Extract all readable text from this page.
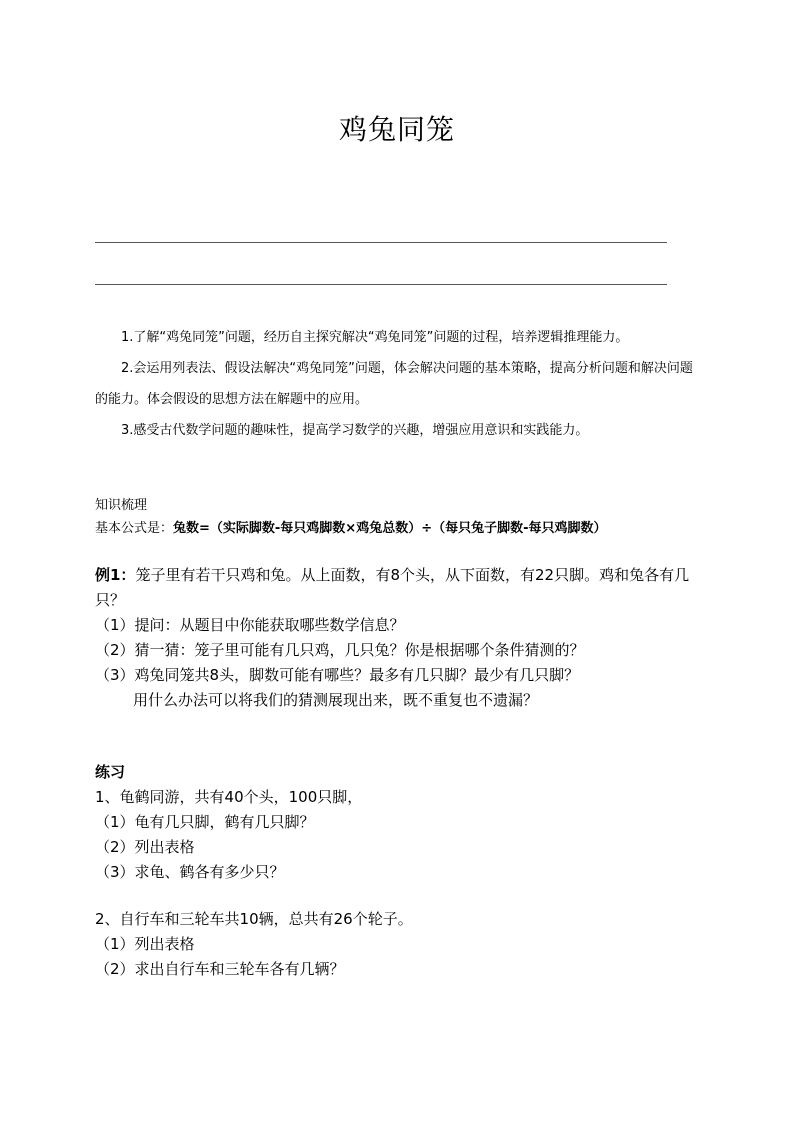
鸡兔同笼

1.了解“鸡兔同笼”问题，经历自主探究解决“鸡兔同笼”问题的过程，培养逻辑推理能力。

2.会运用列表法、假设法解决“鸡兔同笼”问题，体会解决问题的基本策略，提高分析问题和解决问题的能力。体会假设的思想方法在解题中的应用。

3.感受古代数学问题的趣味性，提高学习数学的兴趣，增强应用意识和实践能力。

知识梳理
基本公式是：兔数=（实际脚数-每只鸡脚数×鸡兔总数）÷（每只兔子脚数-每只鸡脚数）
例1：笼子里有若干只鸡和兔。从上面数，有8个头，从下面数，有22只脚。鸡和兔各有几只？
（1）提问：从题目中你能获取哪些数学信息？
（2）猜一猜：笼子里可能有几只鸡，几只兔？你是根据哪个条件猜测的？
（3）鸡兔同笼共8头，脚数可能有哪些？最多有几只脚？最少有几只脚？
用什么办法可以将我们的猜测展现出来，既不重复也不遗漏？
练习
1、龟鹤同游，共有40个头，100只脚，
（1）龟有几只脚，鹤有几只脚？
（2）列出表格
（3）求龟、鹤各有多少只？
2、自行车和三轮车共10辆，总共有26个轮子。
（1）列出表格
（2）求出自行车和三轮车各有几辆？
